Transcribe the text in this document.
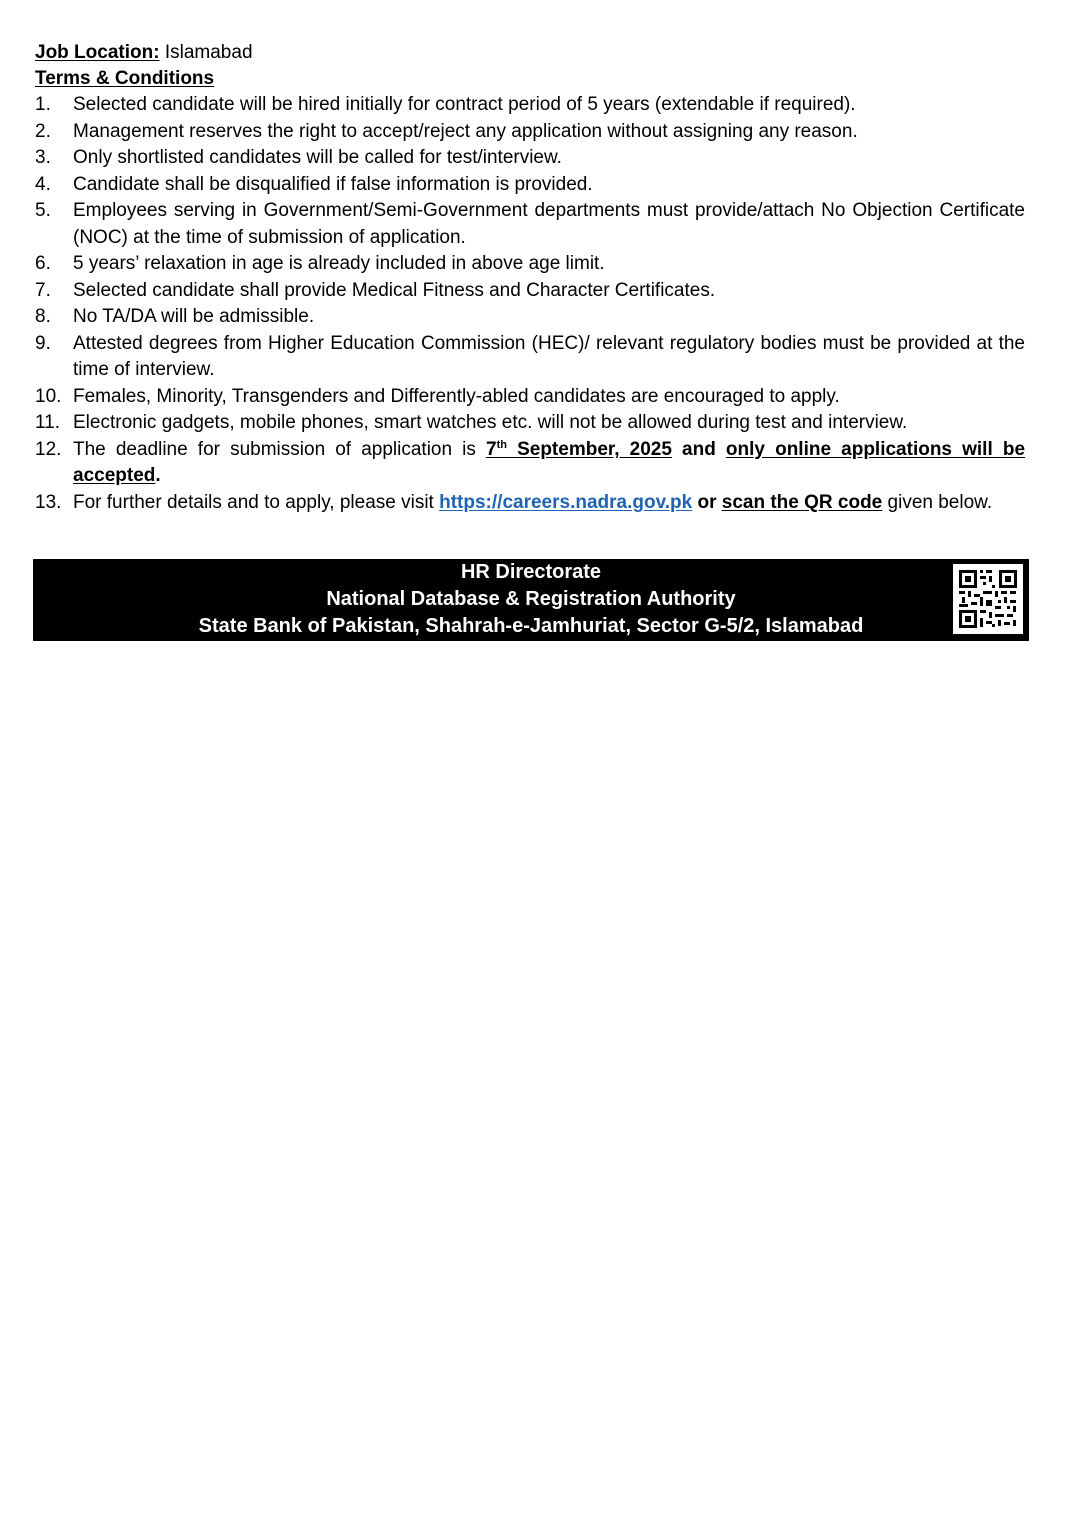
Job Location: Islamabad
Terms & Conditions
1. Selected candidate will be hired initially for contract period of 5 years (extendable if required).
2. Management reserves the right to accept/reject any application without assigning any reason.
3. Only shortlisted candidates will be called for test/interview.
4. Candidate shall be disqualified if false information is provided.
5. Employees serving in Government/Semi-Government departments must provide/attach No Objection Certificate (NOC) at the time of submission of application.
6. 5 years’ relaxation in age is already included in above age limit.
7. Selected candidate shall provide Medical Fitness and Character Certificates.
8. No TA/DA will be admissible.
9. Attested degrees from Higher Education Commission (HEC)/ relevant regulatory bodies must be provided at the time of interview.
10. Females, Minority, Transgenders and Differently-abled candidates are encouraged to apply.
11. Electronic gadgets, mobile phones, smart watches etc. will not be allowed during test and interview.
12. The deadline for submission of application is 7th September, 2025 and only online applications will be accepted.
13. For further details and to apply, please visit https://careers.nadra.gov.pk or scan the QR code given below.
HR Directorate
National Database & Registration Authority
State Bank of Pakistan, Shahrah-e-Jamhuriat, Sector G-5/2, Islamabad
